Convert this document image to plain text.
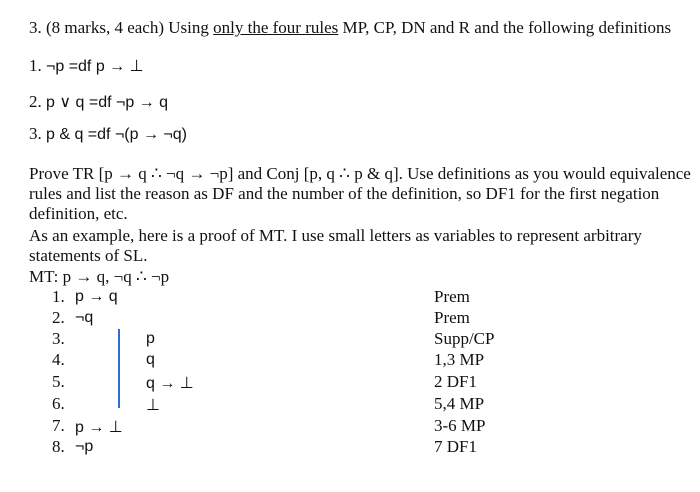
3. (8 marks, 4 each) Using only the four rules MP, CP, DN and R and the following definitions
1. ¬p =df p → ⊥
2. p ∨ q =df ¬p → q
3. p & q =df ¬(p → ¬q)
Prove TR [p → q ∴ ¬q → ¬p] and Conj [p, q ∴ p & q]. Use definitions as you would equivalence rules and list the reason as DF and the number of the definition, so DF1 for the first negation definition, etc.
As an example, here is a proof of MT. I use small letters as variables to represent arbitrary statements of SL.
MT: p → q, ¬q ∴ ¬p
1. p → q	Prem
2. ¬q	Prem
3.	p	Supp/CP
4.	q	1,3 MP
5.	q → ⊥	2 DF1
6.	⊥	5,4 MP
7. p → ⊥	3-6 MP
8. ¬p	7 DF1
